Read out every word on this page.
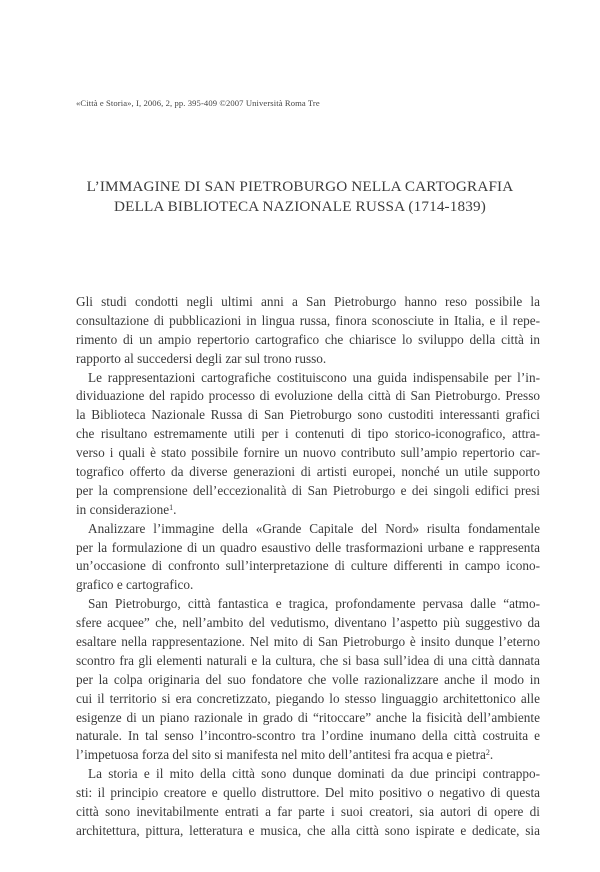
«Città e Storia», I, 2006, 2, pp. 395-409 ©2007 Università Roma Tre
L’IMMAGINE DI SAN PIETROBURGO NELLA CARTOGRAFIA
DELLA BIBLIOTECA NAZIONALE RUSSA (1714-1839)
Gli studi condotti negli ultimi anni a San Pietroburgo hanno reso possibile la
consultazione di pubblicazioni in lingua russa, finora sconosciute in Italia, e il repe-
rimento di un ampio repertorio cartografico che chiarisce lo sviluppo della città in
rapporto al succedersi degli zar sul trono russo.
Le rappresentazioni cartografiche costituiscono una guida indispensabile per l’in-
dividuazione del rapido processo di evoluzione della città di San Pietroburgo. Presso
la Biblioteca Nazionale Russa di San Pietroburgo sono custoditi interessanti grafici
che risultano estremamente utili per i contenuti di tipo storico-iconografico, attra-
verso i quali è stato possibile fornire un nuovo contributo sull’ampio repertorio car-
tografico offerto da diverse generazioni di artisti europei, nonché un utile supporto
per la comprensione dell’eccezionalità di San Pietroburgo e dei singoli edifici presi
in considerazione$^1$.
Analizzare l’immagine della «Grande Capitale del Nord» risulta fondamentale
per la formulazione di un quadro esaustivo delle trasformazioni urbane e rappresenta
un’occasione di confronto sull’interpretazione di culture differenti in campo icono-
grafico e cartografico.
San Pietroburgo, città fantastica e tragica, profondamente pervasa dalle “atmo-
sfere acquee” che, nell’ambito del vedutismo, diventano l’aspetto più suggestivo da
esaltare nella rappresentazione. Nel mito di San Pietroburgo è insito dunque l’eterno
scontro fra gli elementi naturali e la cultura, che si basa sull’idea di una città dannata
per la colpa originaria del suo fondatore che volle razionalizzare anche il modo in
cui il territorio si era concretizzato, piegando lo stesso linguaggio architettonico alle
esigenze di un piano razionale in grado di “ritoccare” anche la fisicità dell’ambiente
naturale. In tal senso l’incontro-scontro tra l’ordine inumano della città costruita e
l’impetuosa forza del sito si manifesta nel mito dell’antitesi fra acqua e pietra$^2$.
La storia e il mito della città sono dunque dominati da due principi contrappo-
sti: il principio creatore e quello distruttore. Del mito positivo o negativo di questa
città sono inevitabilmente entrati a far parte i suoi creatori, sia autori di opere di
architettura, pittura, letteratura e musica, che alla città sono ispirate e dedicate, sia
